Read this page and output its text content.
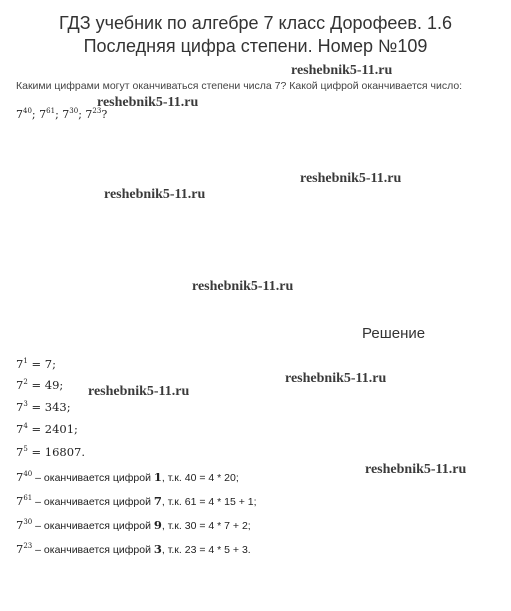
ГДЗ учебник по алгебре 7 класс Дорофеев. 1.6 Последняя цифра степени. Номер №109
Какими цифрами могут оканчиваться степени числа 7? Какой цифрой оканчивается число:
$7^{40}$; $7^{61}$; $7^{30}$; $7^{23}$?
Решение
$7^1 = 7$;
$7^2 = 49$;
$7^3 = 343$;
$7^4 = 2401$;
$7^5 = 16807$.
$7^{40}$ – оканчивается цифрой 1, т.к. 40 = 4 * 20;
$7^{61}$ – оканчивается цифрой 7, т.к. 61 = 4 * 15 + 1;
$7^{30}$ – оканчивается цифрой 9, т.к. 30 = 4 * 7 + 2;
$7^{23}$ – оканчивается цифрой 3, т.к. 23 = 4 * 5 + 3.
reshebnik5-11.ru
reshebnik5-11.ru
reshebnik5-11.ru
reshebnik5-11.ru
reshebnik5-11.ru
reshebnik5-11.ru
reshebnik5-11.ru
reshebnik5-11.ru
